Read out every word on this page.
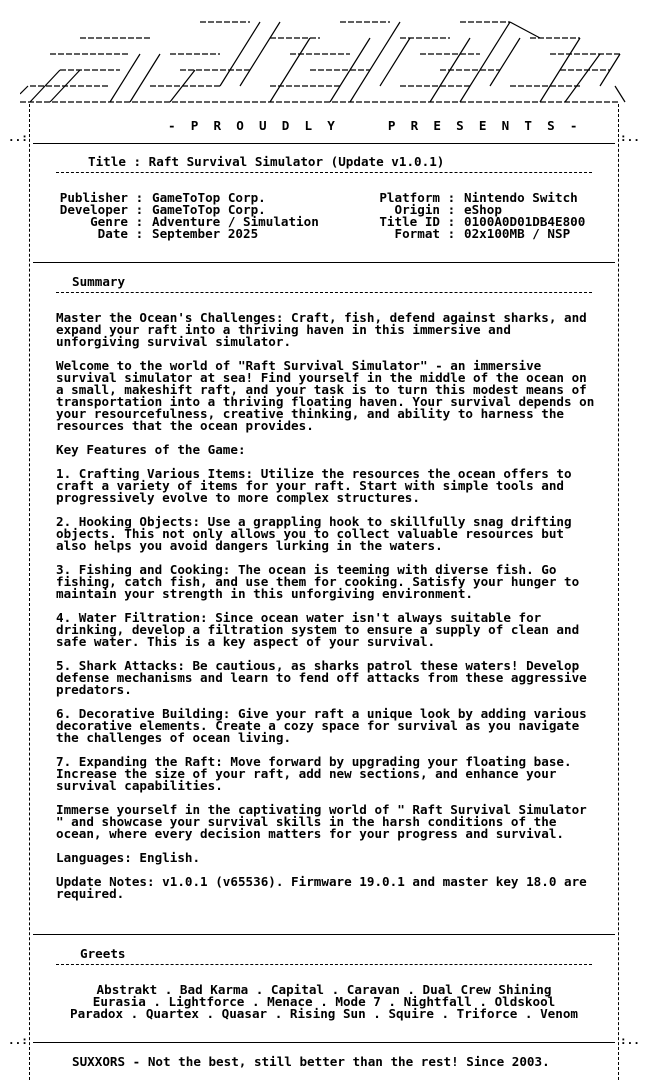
..:	:..
..:	:..
-  P  R  O  U  D  L  Y       P  R  E  S  E  N  T  S  -
Title : Raft Survival Simulator (Update v1.0.1)
Publisher : GameToTop Corp.
Developer : GameToTop Corp.
Genre : Adventure / Simulation
Date : September 2025
Platform : Nintendo Switch
Origin : eShop
Title ID : 0100A0D01DB4E800
Format : 02x100MB / NSP
Summary

Master the Ocean's Challenges: Craft, fish, defend against sharks, and expand your raft into a thriving haven in this immersive and unforgiving survival simulator.

Welcome to the world of "Raft Survival Simulator" - an immersive survival simulator at sea! Find yourself in the middle of the ocean on a small, makeshift raft, and your task is to turn this modest means of transportation into a thriving floating haven. Your survival depends on your resourcefulness, creative thinking, and ability to harness the resources that the ocean provides.

Key Features of the Game:

1. Crafting Various Items: Utilize the resources the ocean offers to craft a variety of items for your raft. Start with simple tools and progressively evolve to more complex structures.

2. Hooking Objects: Use a grappling hook to skillfully snag drifting objects. This not only allows you to collect valuable resources but also helps you avoid dangers lurking in the waters.

3. Fishing and Cooking: The ocean is teeming with diverse fish. Go fishing, catch fish, and use them for cooking. Satisfy your hunger to maintain your strength in this unforgiving environment.

4. Water Filtration: Since ocean water isn't always suitable for drinking, develop a filtration system to ensure a supply of clean and safe water. This is a key aspect of your survival.

5. Shark Attacks: Be cautious, as sharks patrol these waters! Develop defense mechanisms and learn to fend off attacks from these aggressive predators.

6. Decorative Building: Give your raft a unique look by adding various decorative elements. Create a cozy space for survival as you navigate the challenges of ocean living.

7. Expanding the Raft: Move forward by upgrading your floating base. Increase the size of your raft, add new sections, and enhance your survival capabilities.

Immerse yourself in the captivating world of " Raft Survival Simulator " and showcase your survival skills in the harsh conditions of the ocean, where every decision matters for your progress and survival.

Languages: English.

Update Notes: v1.0.1 (v65536). Firmware 19.0.1 and master key 18.0 are required.

Greets
Abstrakt . Bad Karma . Capital . Caravan . Dual Crew Shining
Eurasia . Lightforce . Menace . Mode 7 . Nightfall . Oldskool
Paradox . Quartex . Quasar . Rising Sun . Squire . Triforce . Venom
SUXXORS - Not the best, still better than the rest! Since 2003.
